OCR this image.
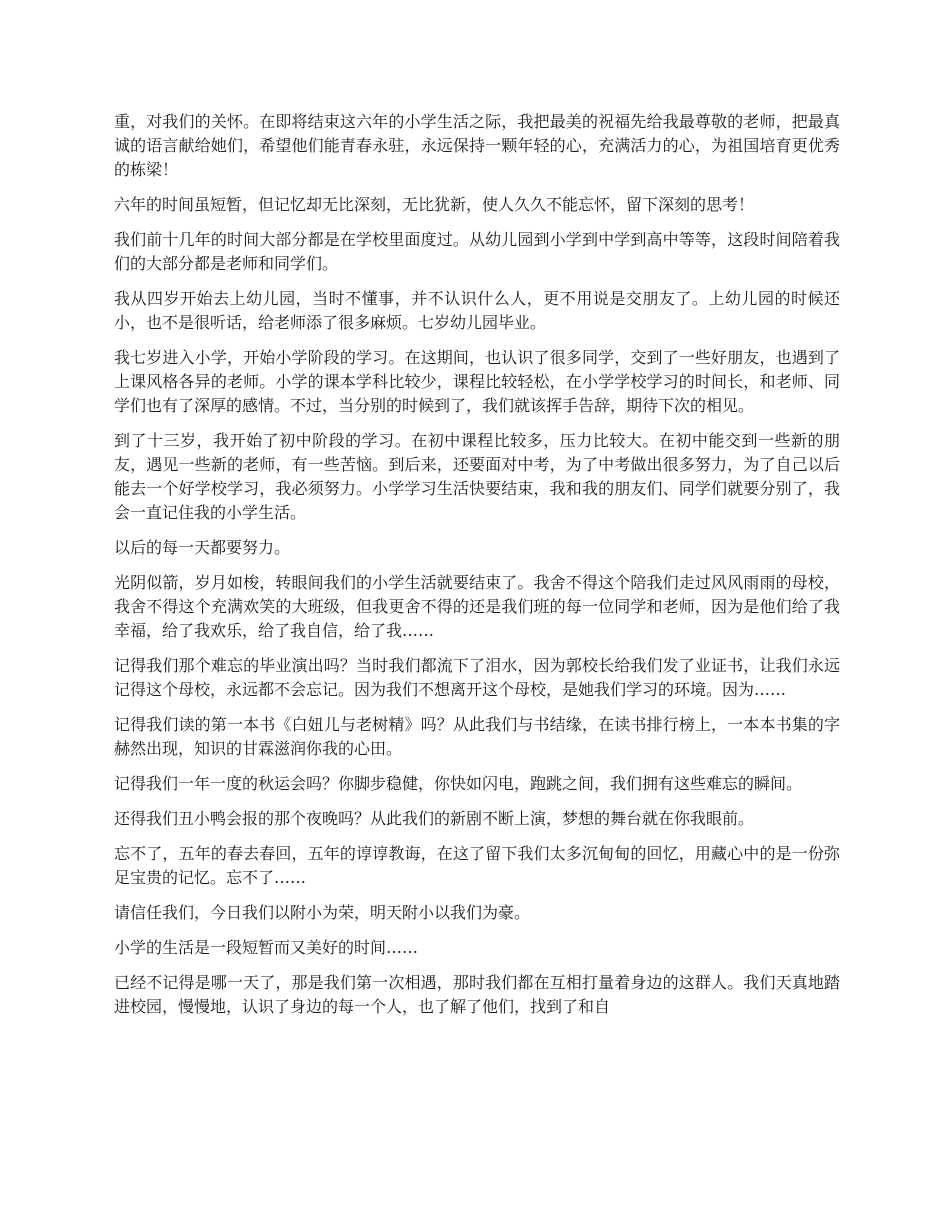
重，对我们的关怀。在即将结束这六年的小学生活之际，我把最美的祝福先给我最尊敬的老师，把最真诚的语言献给她们，希望他们能青春永驻，永远保持一颗年轻的心，充满活力的心，为祖国培育更优秀的栋梁！

六年的时间虽短暂，但记忆却无比深刻，无比犹新，使人久久不能忘怀，留下深刻的思考！

我们前十几年的时间大部分都是在学校里面度过。从幼儿园到小学到中学到高中等等，这段时间陪着我们的大部分都是老师和同学们。

我从四岁开始去上幼儿园，当时不懂事，并不认识什么人，更不用说是交朋友了。上幼儿园的时候还小，也不是很听话，给老师添了很多麻烦。七岁幼儿园毕业。

我七岁进入小学，开始小学阶段的学习。在这期间，也认识了很多同学，交到了一些好朋友，也遇到了上课风格各异的老师。小学的课本学科比较少，课程比较轻松，在小学学校学习的时间长，和老师、同学们也有了深厚的感情。不过，当分别的时候到了，我们就该挥手告辞，期待下次的相见。

到了十三岁，我开始了初中阶段的学习。在初中课程比较多，压力比较大。在初中能交到一些新的朋友，遇见一些新的老师，有一些苦恼。到后来，还要面对中考，为了中考做出很多努力，为了自己以后能去一个好学校学习，我必须努力。小学学习生活快要结束，我和我的朋友们、同学们就要分别了，我会一直记住我的小学生活。

以后的每一天都要努力。

光阴似箭，岁月如梭，转眼间我们的小学生活就要结束了。我舍不得这个陪我们走过风风雨雨的母校，我舍不得这个充满欢笑的大班级，但我更舍不得的还是我们班的每一位同学和老师，因为是他们给了我幸福，给了我欢乐，给了我自信，给了我……

记得我们那个难忘的毕业演出吗？当时我们都流下了泪水，因为郭校长给我们发了业证书，让我们永远记得这个母校，永远都不会忘记。因为我们不想离开这个母校，是她我们学习的环境。因为……

记得我们读的第一本书《白妞儿与老树精》吗？从此我们与书结缘，在读书排行榜上，一本本书集的字赫然出现，知识的甘霖滋润你我的心田。

记得我们一年一度的秋运会吗？你脚步稳健，你快如闪电，跑跳之间，我们拥有这些难忘的瞬间。

还得我们丑小鸭会报的那个夜晚吗？从此我们的新剧不断上演，梦想的舞台就在你我眼前。

忘不了，五年的春去春回，五年的谆谆教诲，在这了留下我们太多沉甸甸的回忆，用藏心中的是一份弥足宝贵的记忆。忘不了……

请信任我们，今日我们以附小为荣，明天附小以我们为豪。

小学的生活是一段短暂而又美好的时间……

已经不记得是哪一天了，那是我们第一次相遇，那时我们都在互相打量着身边的这群人。我们天真地踏进校园，慢慢地，认识了身边的每一个人，也了解了他们，找到了和自
